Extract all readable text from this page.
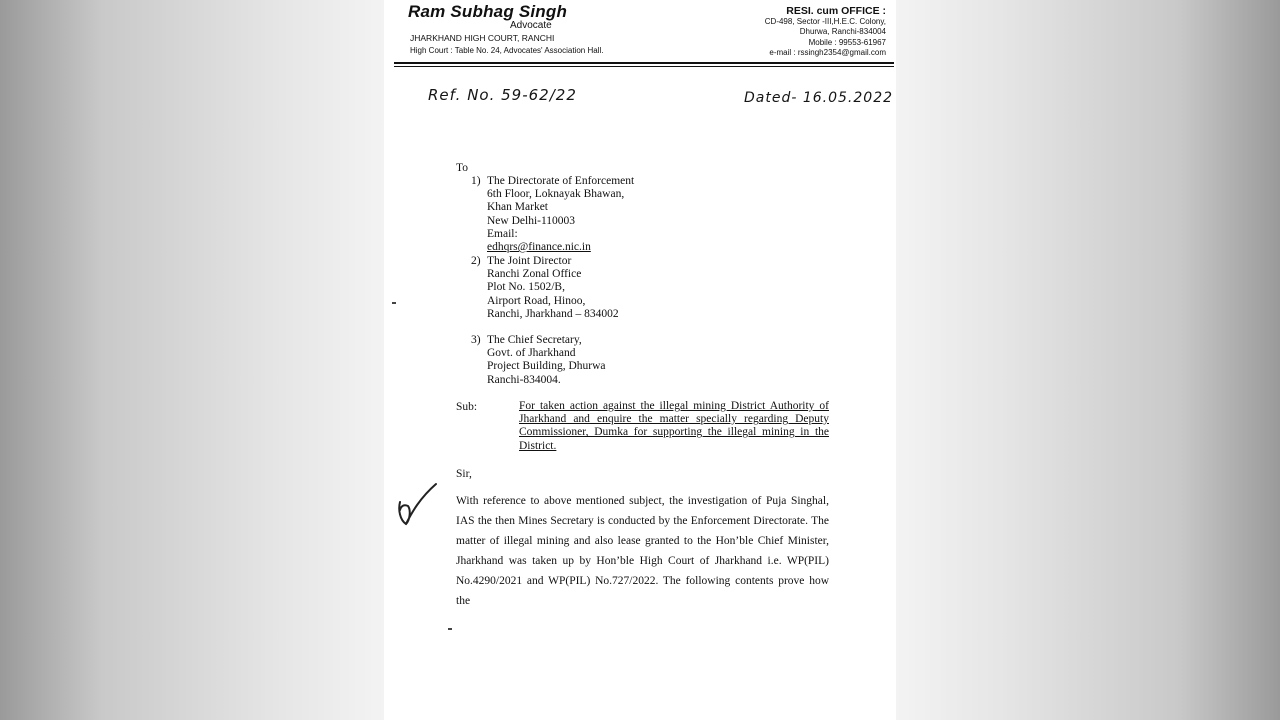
Ram Subhag Singh
Advocate
JHARKHAND HIGH COURT, RANCHI
High Court : Table No. 24, Advocates' Association Hall.
RESI. cum OFFICE :
CD-498, Sector -III,H.E.C. Colony,
Dhurwa, Ranchi-834004
Mobile : 99553-61967
e-mail : rssingh2354@gmail.com
Ref. No. 59-62/22	Dated- 16.05.2022
To
1) The Directorate of Enforcement
6th Floor, Loknayak Bhawan,
Khan Market
New Delhi-110003
Email:
edhqrs@finance.nic.in
2) The Joint Director
Ranchi Zonal Office
Plot No. 1502/B,
Airport Road, Hinoo,
Ranchi, Jharkhand – 834002
3) The Chief Secretary,
Govt. of Jharkhand
Project Building, Dhurwa
Ranchi-834004.
Sub:	For taken action against the illegal mining District Authority of Jharkhand and enquire the matter specially regarding Deputy Commissioner, Dumka for supporting the illegal mining in the District.
Sir,
With reference to above mentioned subject, the investigation of Puja Singhal, IAS the then Mines Secretary is conducted by the Enforcement Directorate. The matter of illegal mining and also lease granted to the Hon’ble Chief Minister, Jharkhand was taken up by Hon’ble High Court of Jharkhand i.e. WP(PIL) No.4290/2021 and WP(PIL) No.727/2022. The following contents prove how the
